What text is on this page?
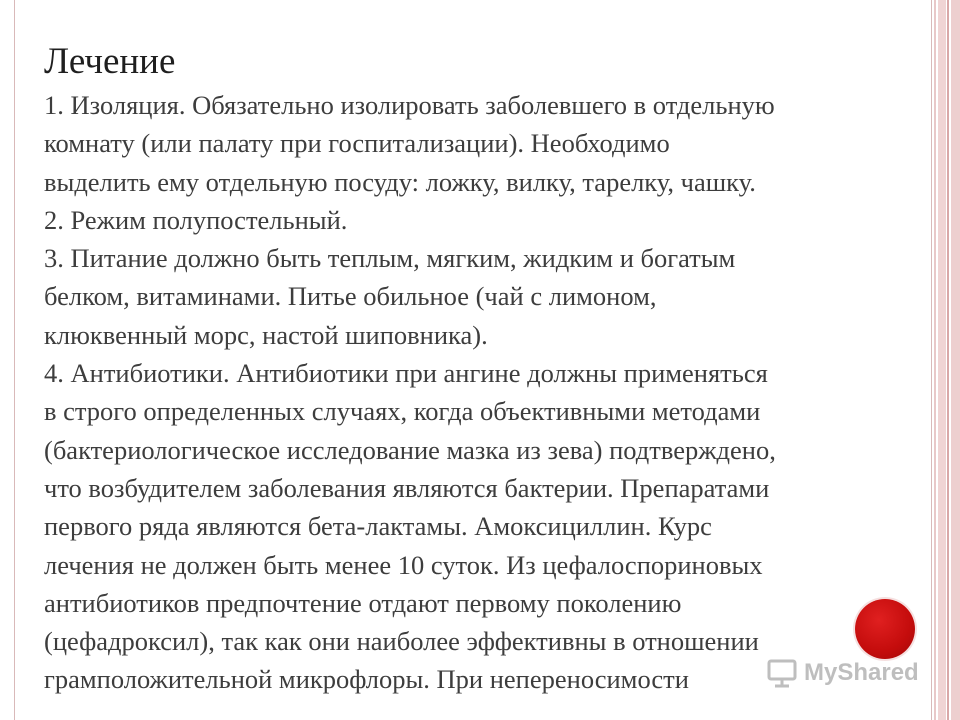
Лечение
1. Изоляция. Обязательно изолировать заболевшего в отдельную
комнату (или палату при госпитализации). Необходимо
выделить ему отдельную посуду: ложку, вилку, тарелку, чашку.
2. Режим полупостельный.
3. Питание должно быть теплым, мягким, жидким и богатым
белком, витаминами. Питье обильное (чай с лимоном,
клюквенный морс, настой шиповника).
4. Антибиотики. Антибиотики при ангине должны применяться
в строго определенных случаях, когда объективными методами
(бактериологическое исследование мазка из зева) подтверждено,
что возбудителем заболевания являются бактерии. Препаратами
первого ряда являются бета-лактамы. Амоксициллин. Курс
лечения не должен быть менее 10 суток. Из цефалоспориновых
антибиотиков предпочтение отдают первому поколению
(цефадроксил), так как они наиболее эффективны в отношении
грамположительной микрофлоры. При непереносимости	MyShared
